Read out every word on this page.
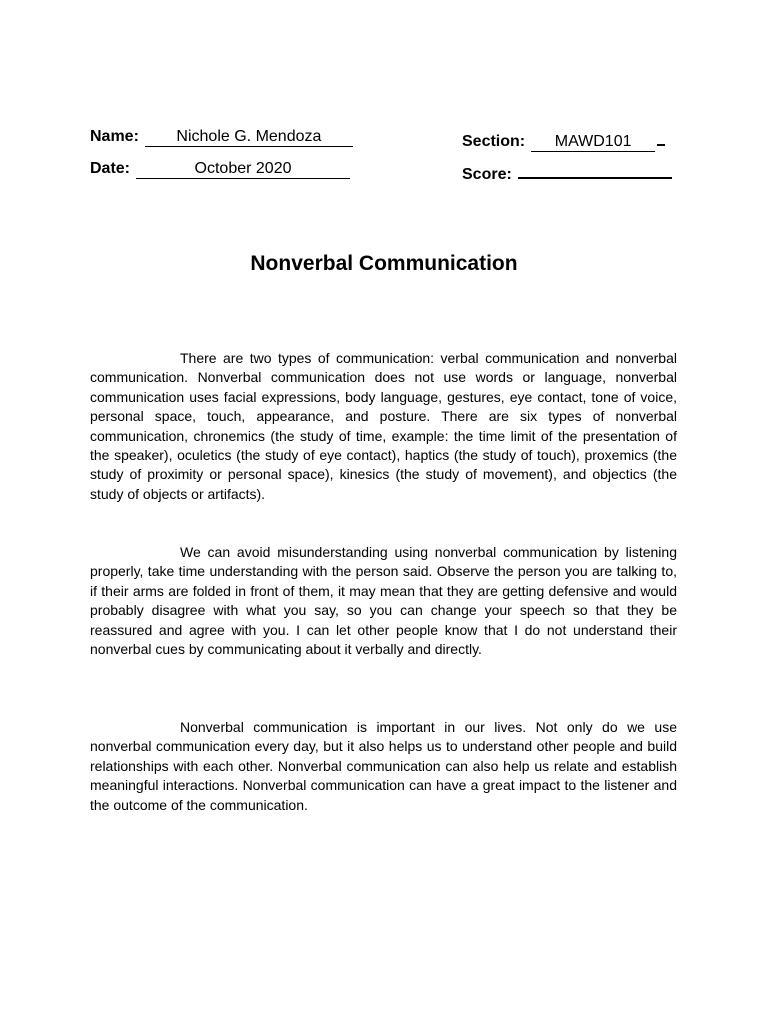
Name:	Nichole G. Mendoza	Section:	MAWD101
Date:	October 2020	Score:
Nonverbal Communication

There are two types of communication: verbal communication and nonverbal communication. Nonverbal communication does not use words or language, nonverbal communication uses facial expressions, body language, gestures, eye contact, tone of voice, personal space, touch, appearance, and posture. There are six types of nonverbal communication, chronemics (the study of time, example: the time limit of the presentation of the speaker), oculetics (the study of eye contact), haptics (the study of touch), proxemics (the study of proximity or personal space), kinesics (the study of movement), and objectics (the study of objects or artifacts).

We can avoid misunderstanding using nonverbal communication by listening properly, take time understanding with the person said. Observe the person you are talking to, if their arms are folded in front of them, it may mean that they are getting defensive and would probably disagree with what you say, so you can change your speech so that they be reassured and agree with you. I can let other people know that I do not understand their nonverbal cues by communicating about it verbally and directly.

Nonverbal communication is important in our lives. Not only do we use nonverbal communication every day, but it also helps us to understand other people and build relationships with each other. Nonverbal communication can also help us relate and establish meaningful interactions. Nonverbal communication can have a great impact to the listener and the outcome of the communication.
